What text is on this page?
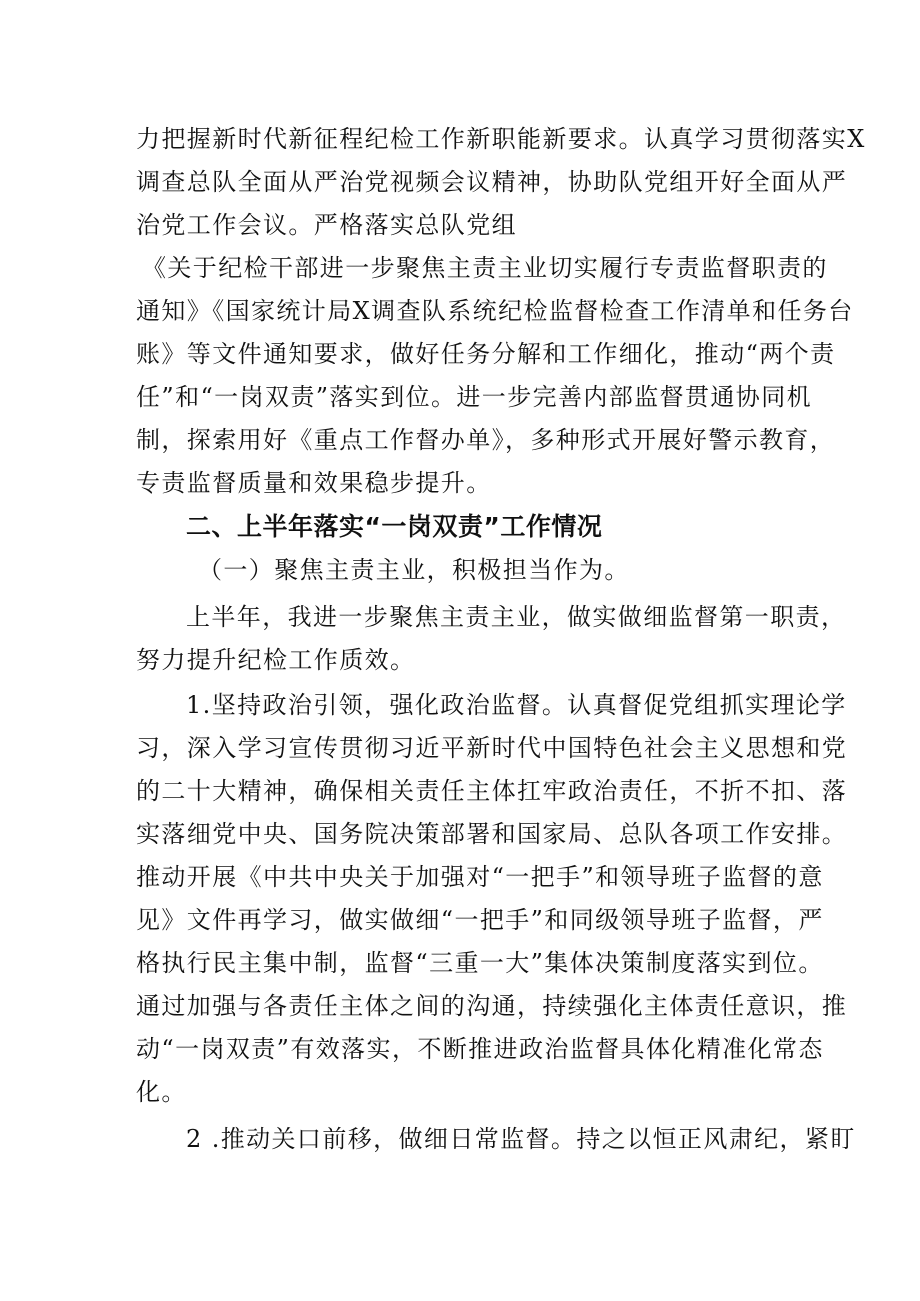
力把握新时代新征程纪检工作新职能新要求。认真学习贯彻落实X
调查总队全面从严治党视频会议精神，协助队党组开好全面从严
治党工作会议。严格落实总队党组
《关于纪检干部进一步聚焦主责主业切实履行专责监督职责的
通知》《国家统计局X调查队系统纪检监督检查工作清单和任务台
账》等文件通知要求，做好任务分解和工作细化，推动“两个责
任”和“一岗双责”落实到位。进一步完善内部监督贯通协同机
制，探索用好《重点工作督办单》，多种形式开展好警示教育，
专责监督质量和效果稳步提升。
二、上半年落实“一岗双责”工作情况
（一）聚焦主责主业，积极担当作为。
上半年，我进一步聚焦主责主业，做实做细监督第一职责，
努力提升纪检工作质效。
1.坚持政治引领，强化政治监督。认真督促党组抓实理论学
习，深入学习宣传贯彻习近平新时代中国特色社会主义思想和党
的二十大精神，确保相关责任主体扛牢政治责任，不折不扣、落
实落细党中央、国务院决策部署和国家局、总队各项工作安排。
推动开展《中共中央关于加强对“一把手”和领导班子监督的意
见》文件再学习，做实做细“一把手”和同级领导班子监督，严
格执行民主集中制，监督“三重一大”集体决策制度落实到位。
通过加强与各责任主体之间的沟通，持续强化主体责任意识，推
动“一岗双责”有效落实，不断推进政治监督具体化精准化常态
化。
2 .推动关口前移，做细日常监督。持之以恒正风肃纪，紧盯
